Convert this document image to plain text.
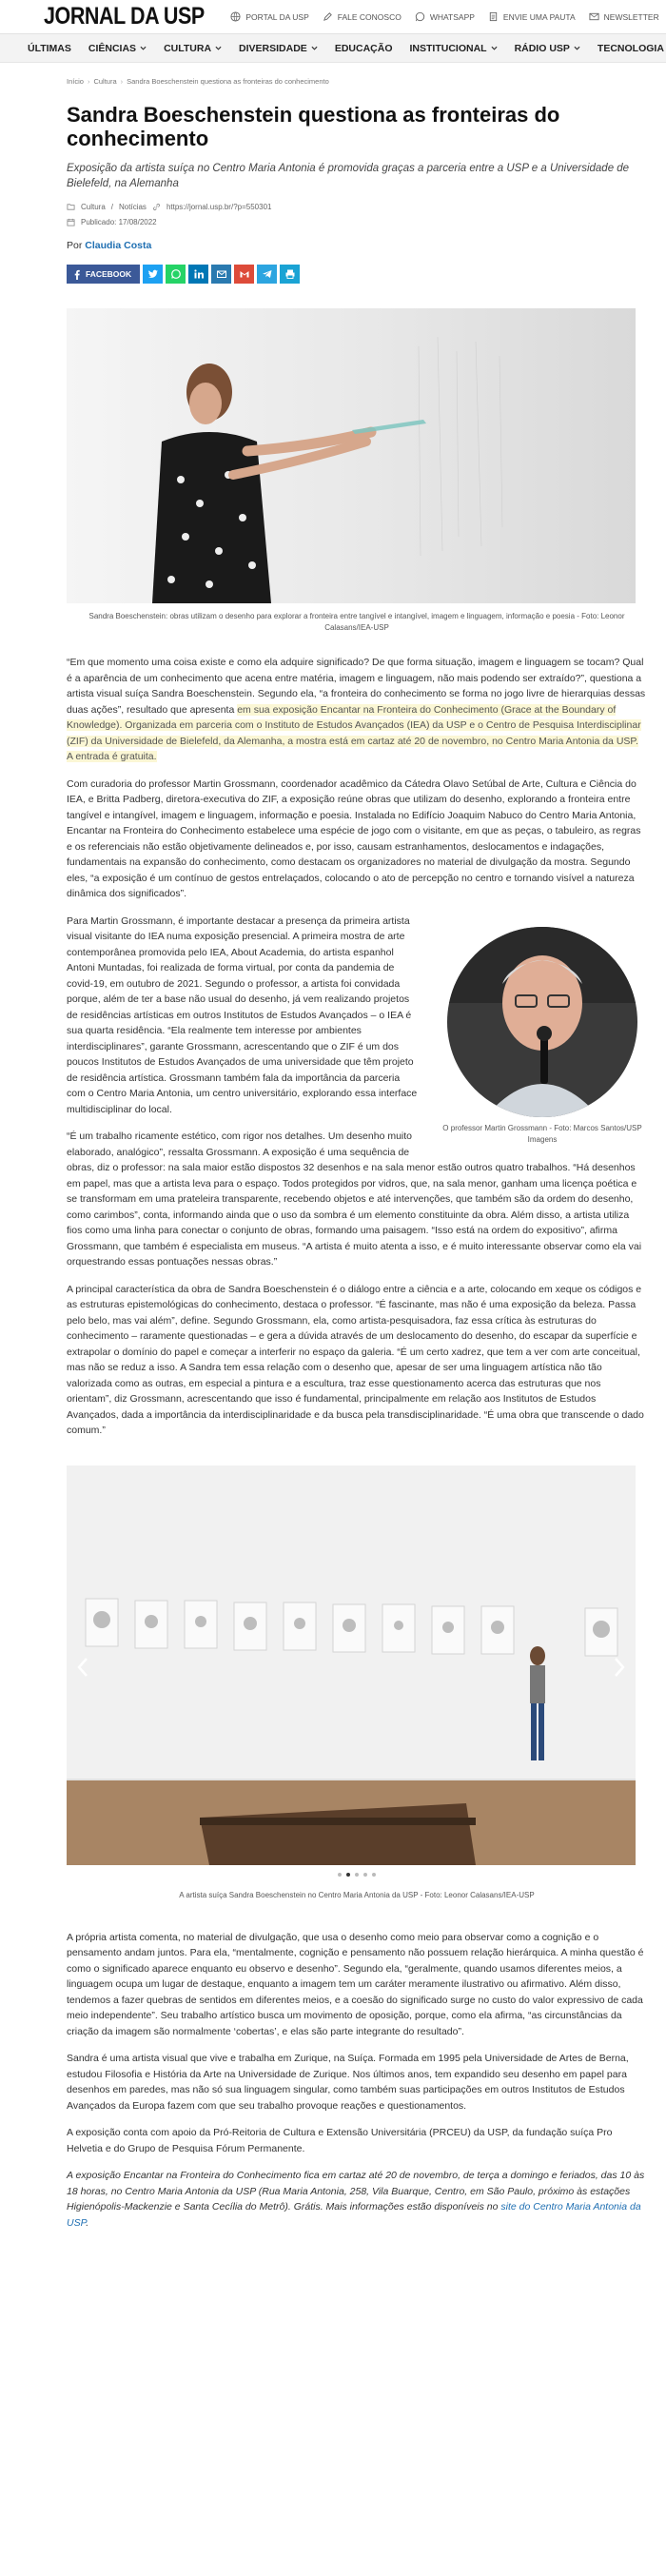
JORNAL DA USP	PORTAL DA USP	FALE CONOSCO	WHATSAPP	ENVIE UMA PAUTA	NEWSLETTER
ÚLTIMAS CIÊNCIAS	CULTURA	DIVERSIDADE	EDUCAÇÃO INSTITUCIONAL	RÁDIO USP	TECNOLOGIA
Início › Cultura › Sandra Boeschenstein questiona as fronteiras do conhecimento
Sandra Boeschenstein questiona as fronteiras do conhecimento

Exposição da artista suíça no Centro Maria Antonia é promovida graças a parceria entre a USP e a Universidade de Bielefeld, na Alemanha

Cultura / Notícias	https://jornal.usp.br/?p=550301
Publicado: 17/08/2022
Por Claudia Costa
FACEBOOK
Sandra Boeschenstein: obras utilizam o desenho para explorar a fronteira entre tangível e intangível, imagem e linguagem, informação e poesia - Foto: Leonor Calasans/IEA-USP

“Em que momento uma coisa existe e como ela adquire significado? De que forma situação, imagem e linguagem se tocam? Qual é a aparência de um conhecimento que acena entre matéria, imagem e linguagem, não mais podendo ser extraído?”, questiona a artista visual suíça Sandra Boeschenstein. Segundo ela, “a fronteira do conhecimento se forma no jogo livre de hierarquias dessas duas ações”, resultado que apresenta em sua exposição Encantar na Fronteira do Conhecimento (Grace at the Boundary of Knowledge). Organizada em parceria com o Instituto de Estudos Avançados (IEA) da USP e o Centro de Pesquisa Interdisciplinar (ZIF) da Universidade de Bielefeld, da Alemanha, a mostra está em cartaz até 20 de novembro, no Centro Maria Antonia da USP. A entrada é gratuita.

Com curadoria do professor Martin Grossmann, coordenador acadêmico da Cátedra Olavo Setúbal de Arte, Cultura e Ciência do IEA, e Britta Padberg, diretora-executiva do ZIF, a exposição reúne obras que utilizam do desenho, explorando a fronteira entre tangível e intangível, imagem e linguagem, informação e poesia. Instalada no Edifício Joaquim Nabuco do Centro Maria Antonia, Encantar na Fronteira do Conhecimento estabelece uma espécie de jogo com o visitante, em que as peças, o tabuleiro, as regras e os referenciais não estão objetivamente delineados e, por isso, causam estranhamentos, deslocamentos e indagações, fundamentais na expansão do conhecimento, como destacam os organizadores no material de divulgação da mostra. Segundo eles, “a exposição é um contínuo de gestos entrelaçados, colocando o ato de percepção no centro e tornando visível a natureza dinâmica dos significados”.

O professor Martin Grossmann - Foto: Marcos Santos/USP Imagens

Para Martin Grossmann, é importante destacar a presença da primeira artista visual visitante do IEA numa exposição presencial. A primeira mostra de arte contemporânea promovida pelo IEA, About Academia, do artista espanhol Antoni Muntadas, foi realizada de forma virtual, por conta da pandemia de covid-19, em outubro de 2021. Segundo o professor, a artista foi convidada porque, além de ter a base não usual do desenho, já vem realizando projetos de residências artísticas em outros Institutos de Estudos Avançados – o IEA é sua quarta residência. “Ela realmente tem interesse por ambientes interdisciplinares”, garante Grossmann, acrescentando que o ZIF é um dos poucos Institutos de Estudos Avançados de uma universidade que têm projeto de residência artística. Grossmann também fala da importância da parceria com o Centro Maria Antonia, um centro universitário, explorando essa interface multidisciplinar do local.

“É um trabalho ricamente estético, com rigor nos detalhes. Um desenho muito elaborado, analógico”, ressalta Grossmann. A exposição é uma sequência de obras, diz o professor: na sala maior estão dispostos 32 desenhos e na sala menor estão outros quatro trabalhos. “Há desenhos em papel, mas que a artista leva para o espaço. Todos protegidos por vidros, que, na sala menor, ganham uma licença poética e se transformam em uma prateleira transparente, recebendo objetos e até intervenções, que também são da ordem do desenho, como carimbos”, conta, informando ainda que o uso da sombra é um elemento constituinte da obra. Além disso, a artista utiliza fios como uma linha para conectar o conjunto de obras, formando uma paisagem. “Isso está na ordem do expositivo”, afirma Grossmann, que também é especialista em museus. “A artista é muito atenta a isso, e é muito interessante observar como ela vai orquestrando essas pontuações nessas obras.”

A principal característica da obra de Sandra Boeschenstein é o diálogo entre a ciência e a arte, colocando em xeque os códigos e as estruturas epistemológicas do conhecimento, destaca o professor. “É fascinante, mas não é uma exposição da beleza. Passa pelo belo, mas vai além”, define. Segundo Grossmann, ela, como artista-pesquisadora, faz essa crítica às estruturas do conhecimento – raramente questionadas – e gera a dúvida através de um deslocamento do desenho, do escapar da superfície e extrapolar o domínio do papel e começar a interferir no espaço da galeria. “É um certo xadrez, que tem a ver com arte conceitual, mas não se reduz a isso. A Sandra tem essa relação com o desenho que, apesar de ser uma linguagem artística não tão valorizada como as outras, em especial a pintura e a escultura, traz esse questionamento acerca das estruturas que nos orientam”, diz Grossmann, acrescentando que isso é fundamental, principalmente em relação aos Institutos de Estudos Avançados, dada a importância da interdisciplinaridade e da busca pela transdisciplinaridade. “É uma obra que transcende o dado comum.”

A artista suíça Sandra Boeschenstein no Centro Maria Antonia da USP - Foto: Leonor Calasans/IEA-USP

A própria artista comenta, no material de divulgação, que usa o desenho como meio para observar como a cognição e o pensamento andam juntos. Para ela, “mentalmente, cognição e pensamento não possuem relação hierárquica. A minha questão é como o significado aparece enquanto eu observo e desenho”. Segundo ela, “geralmente, quando usamos diferentes meios, a linguagem ocupa um lugar de destaque, enquanto a imagem tem um caráter meramente ilustrativo ou afirmativo. Além disso, tendemos a fazer quebras de sentidos em diferentes meios, e a coesão do significado surge no custo do valor expressivo de cada meio independente”. Seu trabalho artístico busca um movimento de oposição, porque, como ela afirma, “as circunstâncias da criação da imagem são normalmente ‘cobertas’, e elas são parte integrante do resultado”.

Sandra é uma artista visual que vive e trabalha em Zurique, na Suíça. Formada em 1995 pela Universidade de Artes de Berna, estudou Filosofia e História da Arte na Universidade de Zurique. Nos últimos anos, tem expandido seu desenho em papel para desenhos em paredes, mas não só sua linguagem singular, como também suas participações em outros Institutos de Estudos Avançados da Europa fazem com que seu trabalho provoque reações e questionamentos.

A exposição conta com apoio da Pró-Reitoria de Cultura e Extensão Universitária (PRCEU) da USP, da fundação suíça Pro Helvetia e do Grupo de Pesquisa Fórum Permanente.

A exposição Encantar na Fronteira do Conhecimento fica em cartaz até 20 de novembro, de terça a domingo e feriados, das 10 às 18 horas, no Centro Maria Antonia da USP (Rua Maria Antonia, 258, Vila Buarque, Centro, em São Paulo, próximo às estações Higienópolis-Mackenzie e Santa Cecília do Metrô). Grátis. Mais informações estão disponíveis no site do Centro Maria Antonia da USP.
